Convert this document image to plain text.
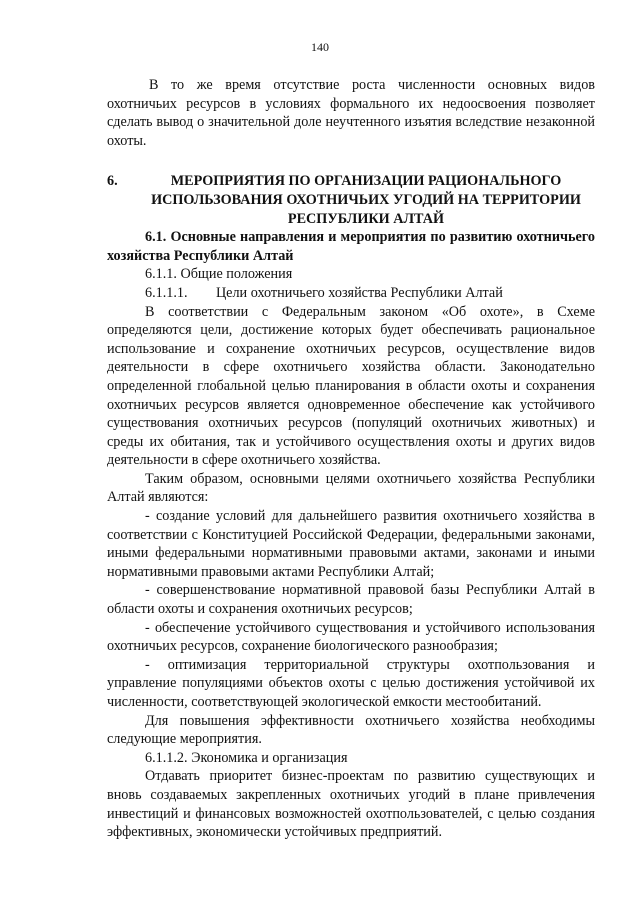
140

В то же время отсутствие роста численности основных видов охотничьих ресурсов в условиях формального их недооcвоения позволяет сделать вывод о значительной доле неучтенного изъятия вследствие незаконной охоты.

6.	МЕРОПРИЯТИЯ ПО ОРГАНИЗАЦИИ РАЦИОНАЛЬНОГО ИСПОЛЬЗОВАНИЯ ОХОТНИЧЬИХ УГОДИЙ НА ТЕРРИТОРИИ РЕСПУБЛИКИ АЛТАЙ

6.1. Основные направления и мероприятия по развитию охотничьего хозяйства Республики Алтай

6.1.1. Общие положения

6.1.1.1.        Цели охотничьего хозяйства Республики Алтай

В соответствии с Федеральным законом «Об охоте», в Схеме определяются цели, достижение которых будет обеспечивать рациональное использование и сохранение охотничьих ресурсов, осуществление видов деятельности в сфере охотничьего хозяйства области. Законодательно определенной глобальной целью планирования в области охоты и сохранения охотничьих ресурсов является одновременное обеспечение как устойчивого существования охотничьих ресурсов (популяций охотничьих животных) и среды их обитания, так и устойчивого осуществления охоты и других видов деятельности в сфере охотничьего хозяйства.

Таким образом, основными целями охотничьего хозяйства Республики Алтай являются:

- создание условий для дальнейшего развития охотничьего хозяйства в соответствии с Конституцией Российской Федерации, федеральными законами, иными федеральными нормативными правовыми актами, законами и иными нормативными правовыми актами Республики Алтай;

- совершенствование нормативной правовой базы Республики Алтай в области охоты и сохранения охотничьих ресурсов;

- обеспечение устойчивого существования и устойчивого использования охотничьих ресурсов, сохранение биологического разнообразия;

- оптимизация территориальной структуры охотпользования и управление популяциями объектов охоты с целью достижения устойчивой их численности, соответствующей экологической емкости местообитаний.

Для повышения эффективности охотничьего хозяйства необходимы следующие мероприятия.

6.1.1.2. Экономика и организация

Отдавать приоритет бизнес-проектам по развитию существующих и вновь создаваемых закрепленных охотничьих угодий в плане привлечения инвестиций и финансовых возможностей охотпользователей, с целью создания эффективных, экономически устойчивых предприятий.
